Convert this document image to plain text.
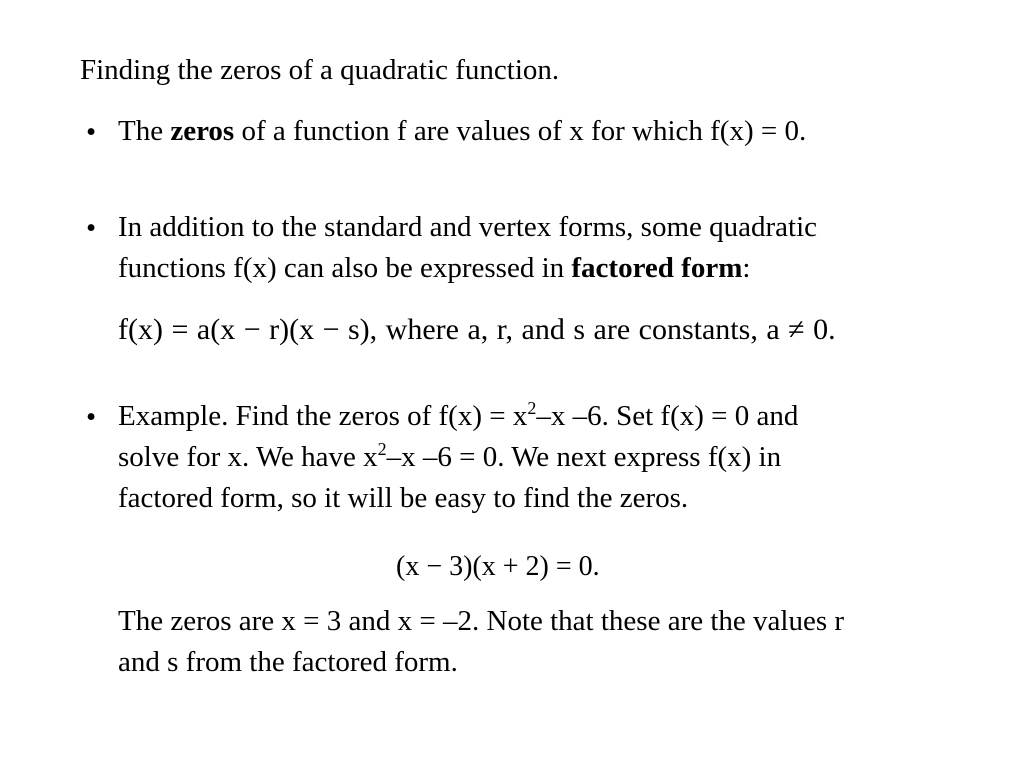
Finding the zeros of a quadratic function.
• The zeros of a function f are values of x for which f(x) = 0.
• In addition to the standard and vertex forms, some quadratic
functions f(x) can also be expressed in factored form:
f(x) = a(x − r)(x − s), where a, r, and s are constants, a ≠ 0.
• Example. Find the zeros of $f(x) = x^2-x$ –6. Set f(x) = 0 and
solve for x. We have $x^2-x$ –6 = 0. We next express f(x) in
factored form, so it will be easy to find the zeros.
(x − 3)(x + 2) = 0.
The zeros are x = 3 and x = –2. Note that these are the values r
and s from the factored form.
